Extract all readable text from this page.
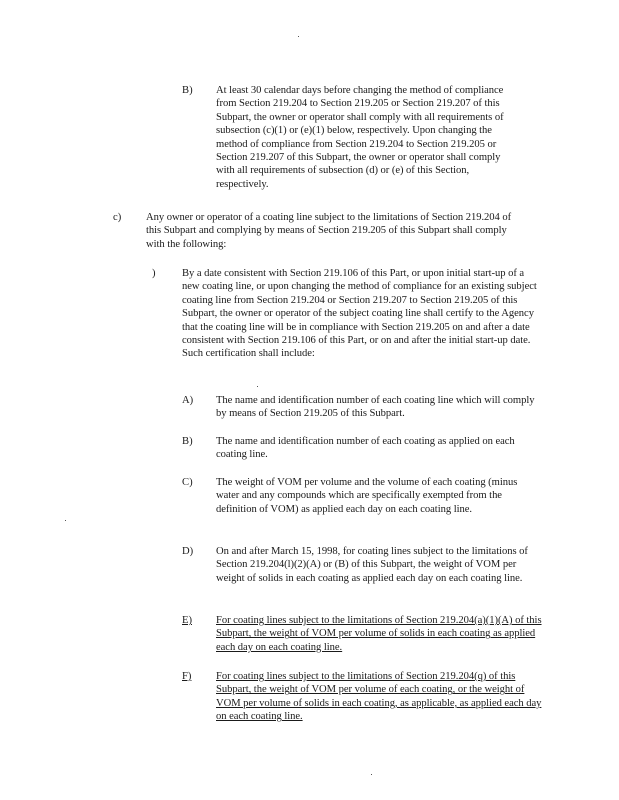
B) At least 30 calendar days before changing the method of compliance from Section 219.204 to Section 219.205 or Section 219.207 of this Subpart, the owner or operator shall comply with all requirements of subsection (c)(1) or (e)(1) below, respectively. Upon changing the method of compliance from Section 219.204 to Section 219.205 or Section 219.207 of this Subpart, the owner or operator shall comply with all requirements of subsection (d) or (e) of this Section, respectively.
c) Any owner or operator of a coating line subject to the limitations of Section 219.204 of this Subpart and complying by means of Section 219.205 of this Subpart shall comply with the following:
) By a date consistent with Section 219.106 of this Part, or upon initial start-up of a new coating line, or upon changing the method of compliance for an existing subject coating line from Section 219.204 or Section 219.207 to Section 219.205 of this Subpart, the owner or operator of the subject coating line shall certify to the Agency that the coating line will be in compliance with Section 219.205 on and after a date consistent with Section 219.106 of this Part, or on and after the initial start-up date. Such certification shall include:
A) The name and identification number of each coating line which will comply by means of Section 219.205 of this Subpart.
B) The name and identification number of each coating as applied on each coating line.
C) The weight of VOM per volume and the volume of each coating (minus water and any compounds which are specifically exempted from the definition of VOM) as applied each day on each coating line.
D) On and after March 15, 1998, for coating lines subject to the limitations of Section 219.204(l)(2)(A) or (B) of this Subpart, the weight of VOM per weight of solids in each coating as applied each day on each coating line.
E)	For coating lines subject to the limitations of Section 219.204(a)(1)(A) of this Subpart, the weight of VOM per volume of solids in each coating as applied each day on each coating line.
F)	For coating lines subject to the limitations of Section 219.204(q) of this Subpart, the weight of VOM per volume of each coating, or the weight of VOM per volume of solids in each coating, as applicable, as applied each day on each coating line.
